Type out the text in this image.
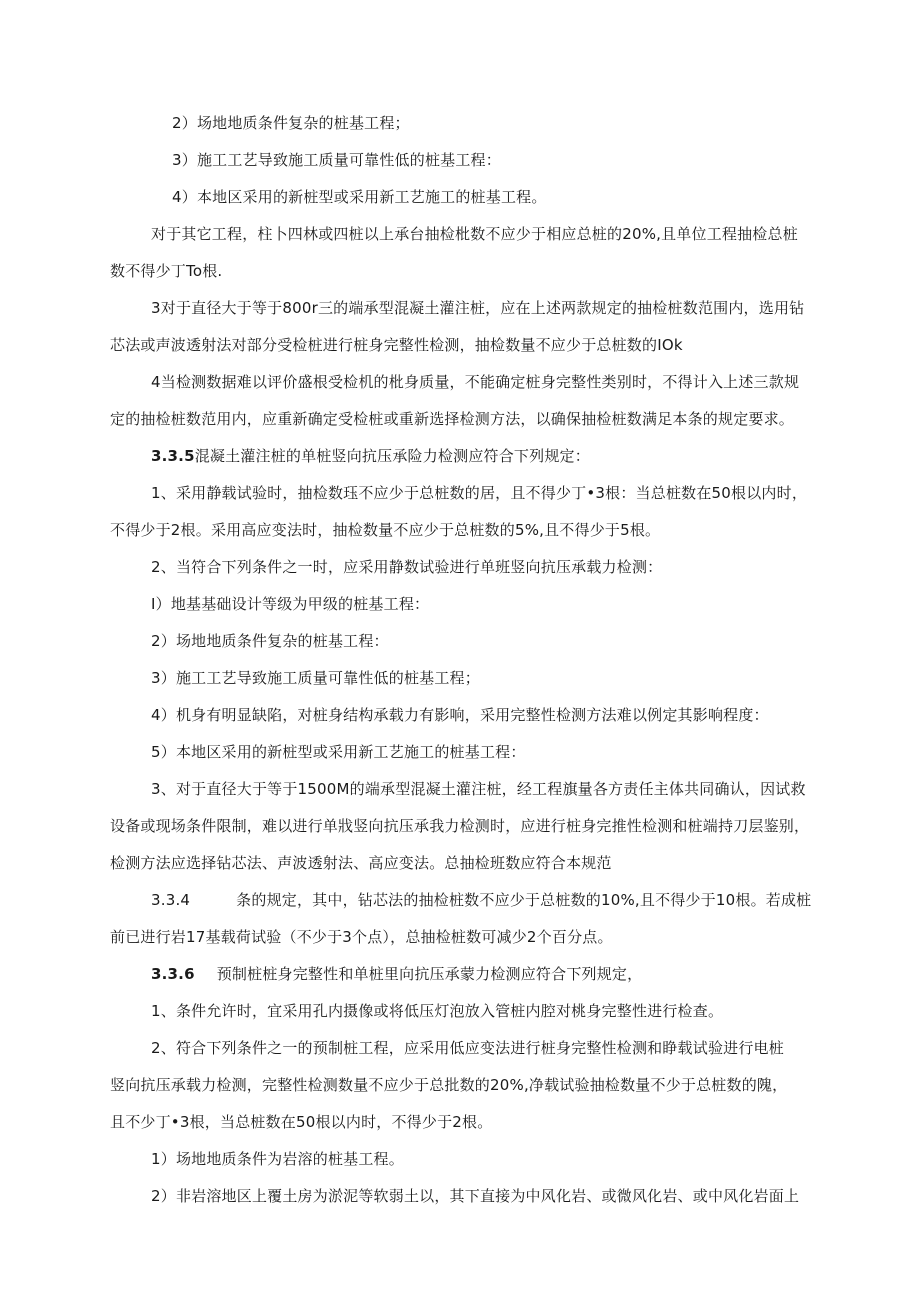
2）场地地质条件复杂的桩基工程；
3）施工工艺导致施工质量可靠性低的桩基工程：
4）本地区采用的新桩型或采用新工艺施工的桩基工程。
对于其它工程，柱卜四林或四桩以上承台抽检枇数不应少于相应总桩的20%,且单位工程抽检总桩
数不得少丁To根.
3对于直径大于等于800r三的端承型混凝土灌注桩，应在上述两款规定的抽检桩数范围内，选用钻
芯法或声波透射法对部分受检桩进行桩身完整性检测，抽检数量不应少于总桩数的IOk
4当检测数据难以评价盛根受检机的枇身质量，不能确定桩身完整性类别时，不得计入上述三款规
定的抽检桩数范用内，应重新确定受检桩或重新选择检测方法，以确保抽检桩数满足本条的规定要求。
3.3.5混凝土灌注桩的单桩竖向抗压承险力检测应符合下列规定：
1、采用静载试验时，抽检数珏不应少于总桩数的居，且不得少丁•3根：当总桩数在50根以内时，
不得少于2根。采用高应变法时，抽检数量不应少于总桩数的5%,且不得少于5根。
2、当符合下列条件之一时，应采用静数试验进行单班竖向抗压承载力检测：
I）地基基础设计等级为甲级的桩基工程：
2）场地地质条件复杂的桩基工程：
3）施工工艺导致施工质量可靠性低的桩基工程；
4）机身有明显缺陷，对桩身结构承载力有影响，采用完整性检测方法难以例定其影响程度：
5）本地区采用的新桩型或采用新工艺施工的桩基工程：
3、对于直径大于等于1500M的端承型混凝土灌注桩，经工程旗量各方责任主体共同确认，因试救
设备或现场条件限制，难以进行单戕竖向抗压承我力检测时，应进行桩身完推性检测和桩端持刀层鉴别，
检测方法应选择钻芯法、声波透射法、高应变法。总抽检班数应符合本规范
3.3.4	条的规定，其中，钻芯法的抽检桩数不应少于总桩数的10%,且不得少于10根。若成桩
前已进行岩17基载荷试验（不少于3个点），总抽检桩数可减少2个百分点。
3.3.6 预制桩桩身完整性和单桩里向抗压承蒙力检测应符合下列规定，
1、条件允许时，宜采用孔内摄像或将低压灯泡放入管桩内腔对桃身完整性进行检查。
2、符合下列条件之一的预制桩工程，应采用低应变法进行桩身完整性检测和睁载试验进行电桩
竖向抗压承载力检测，完整性检测数量不应少于总批数的20%,净载试验抽检数量不少于总桩数的隗，
且不少丁•3根，当总桩数在50根以内时，不得少于2根。
1）场地地质条件为岩溶的桩基工程。
2）非岩溶地区上覆土房为淤泥等软弱土以，其下直接为中风化岩、或微风化岩、或中风化岩面上
